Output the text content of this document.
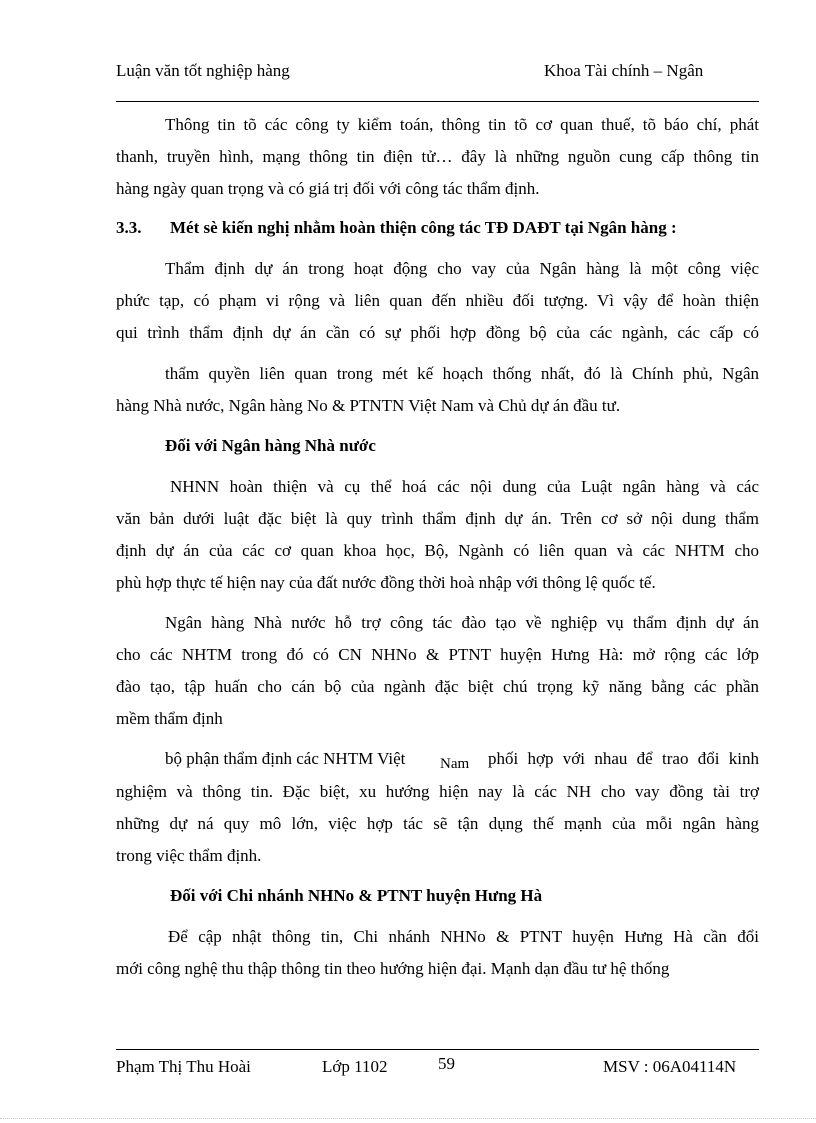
Luận văn tốt nghiệp hàng	Khoa Tài chính – Ngân
Thông tin tõ các công ty kiểm toán, thông tin tõ cơ quan thuế, tõ báo chí, phát
thanh, truyền hình, mạng thông tin điện tử… đây là những nguồn cung cấp thông tin
hàng ngày quan trọng và có giá trị đối với công tác thẩm định.
3.3. Mét sè kiến nghị nhằm hoàn thiện công tác TĐ DAĐT tại Ngân hàng :
Thẩm định dự án trong hoạt động cho vay của Ngân hàng là một công việc
phức tạp, có phạm vi rộng và liên quan đến nhiều đối tượng. Vì vậy để hoàn thiện
qui trình thẩm định dự án cần có sự phối hợp đồng bộ của các ngành, các cấp có
thẩm quyền liên quan trong mét kế hoạch thống nhất, đó là Chính phủ, Ngân
hàng Nhà nước, Ngân hàng No & PTNTN Việt Nam và Chủ dự án đầu tư.
Đối với Ngân hàng Nhà nước
NHNN hoàn thiện và cụ thể hoá các nội dung của Luật ngân hàng và các
văn bản dưới luật đặc biệt là quy trình thẩm định dự án. Trên cơ sở nội dung thẩm
định dự án của các cơ quan khoa học, Bộ, Ngành có liên quan và các NHTM cho
phù hợp thực tế hiện nay của đất nước đồng thời hoà nhập với thông lệ quốc tế.
Ngân hàng Nhà nước hỗ trợ công tác đào tạo về nghiệp vụ thẩm định dự án
cho các NHTM trong đó có CN NHNo & PTNT huyện Hưng Hà: mở rộng các lớp
đào tạo, tập huấn cho cán bộ của ngành đặc biệt chú trọng kỹ năng bằng các phần
mềm thẩm định
bộ phận thẩm định các NHTM Việt Nam phối hợp với nhau để trao đổi kinh
nghiệm và thông tin. Đặc biệt, xu hướng hiện nay là các NH cho vay đồng tài trợ
những dự ná quy mô lớn, việc hợp tác sẽ tận dụng thế mạnh của mỗi ngân hàng
trong việc thẩm định.
Đối với Chi nhánh NHNo & PTNT huyện Hưng Hà
Để cập nhật thông tin, Chi nhánh NHNo & PTNT huyện Hưng Hà cần đổi
mới công nghệ thu thập thông tin theo hướng hiện đại. Mạnh dạn đầu tư hệ thống
Phạm Thị Thu Hoài	Lớp 1102	59	MSV : 06A04114N
